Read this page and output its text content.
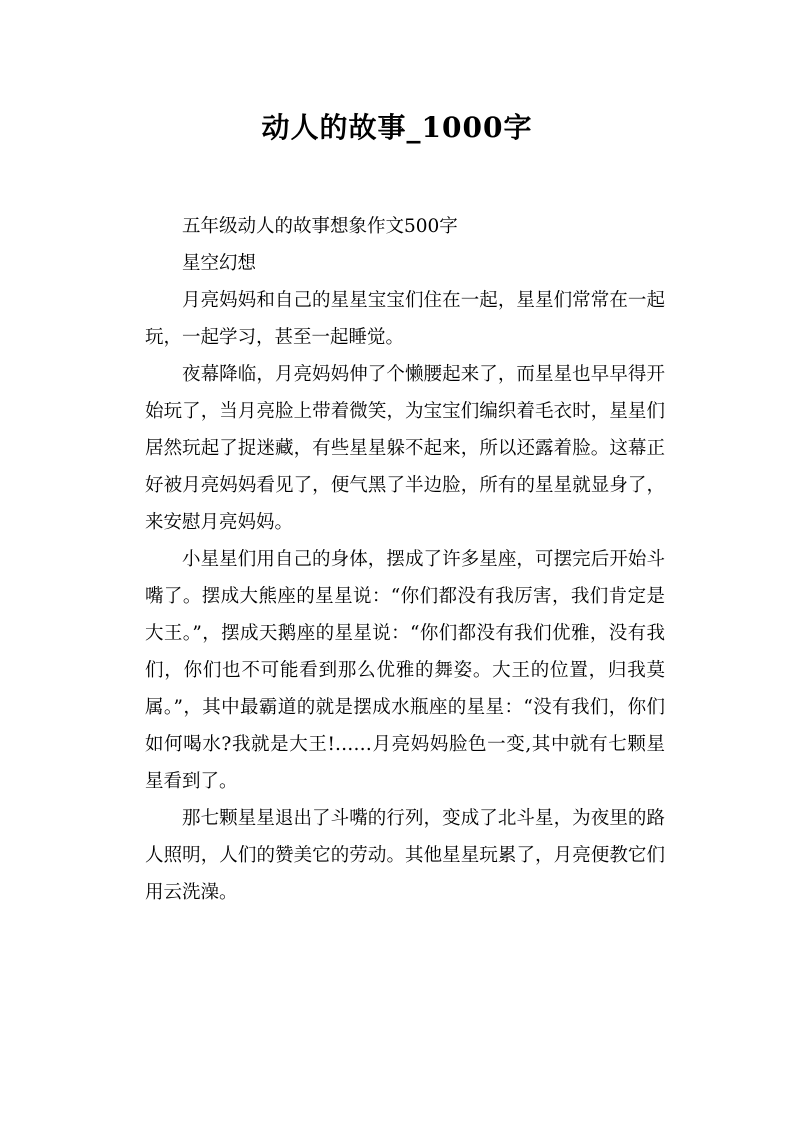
动人的故事_1000字

五年级动人的故事想象作文500字

星空幻想

月亮妈妈和自己的星星宝宝们住在一起，星星们常常在一起玩，一起学习，甚至一起睡觉。

夜幕降临，月亮妈妈伸了个懒腰起来了，而星星也早早得开始玩了，当月亮脸上带着微笑，为宝宝们编织着毛衣时，星星们居然玩起了捉迷藏，有些星星躲不起来，所以还露着脸。这幕正好被月亮妈妈看见了，便气黑了半边脸，所有的星星就显身了，来安慰月亮妈妈。

小星星们用自己的身体，摆成了许多星座，可摆完后开始斗嘴了。摆成大熊座的星星说：“你们都没有我厉害，我们肯定是大王。”，摆成天鹅座的星星说：“你们都没有我们优雅，没有我们，你们也不可能看到那么优雅的舞姿。大王的位置，归我莫属。”，其中最霸道的就是摆成水瓶座的星星：“没有我们，你们如何喝水?我就是大王!……月亮妈妈脸色一变,其中就有七颗星星看到了。

那七颗星星退出了斗嘴的行列，变成了北斗星，为夜里的路人照明，人们的赞美它的劳动。其他星星玩累了，月亮便教它们用云洗澡。
